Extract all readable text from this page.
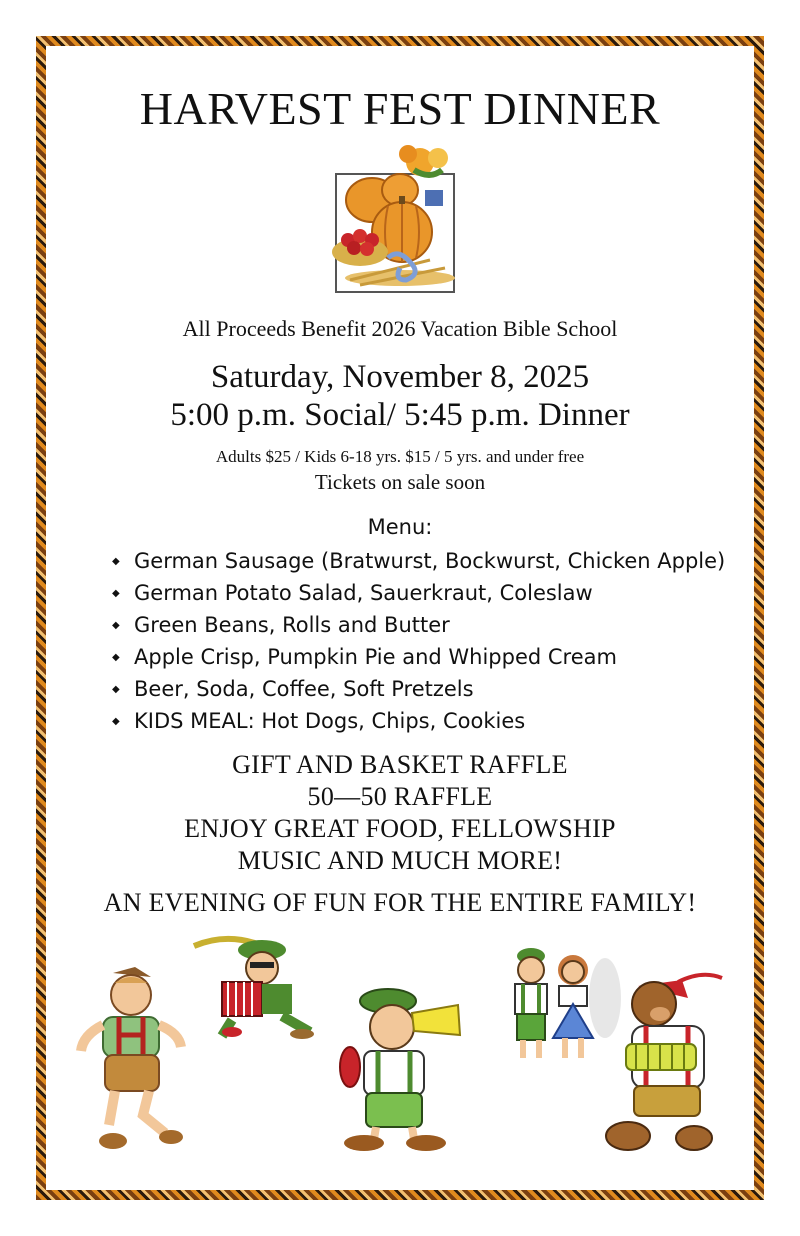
HARVEST FEST DINNER
All Proceeds Benefit 2026 Vacation Bible School
Saturday, November 8, 2025
5:00 p.m. Social/ 5:45 p.m. Dinner
Adults $25 / Kids 6-18 yrs. $15 / 5 yrs. and under free
Tickets on sale soon
Menu:
◆ German Sausage (Bratwurst, Bockwurst, Chicken Apple)
◆ German Potato Salad, Sauerkraut, Coleslaw
◆ Green Beans, Rolls and Butter
◆ Apple Crisp, Pumpkin Pie and Whipped Cream
◆ Beer, Soda, Coffee, Soft Pretzels
◆ KIDS MEAL: Hot Dogs, Chips, Cookies
GIFT AND BASKET RAFFLE
50—50 RAFFLE
ENJOY GREAT FOOD, FELLOWSHIP
MUSIC AND MUCH MORE!
AN EVENING OF FUN FOR THE ENTIRE FAMILY!
